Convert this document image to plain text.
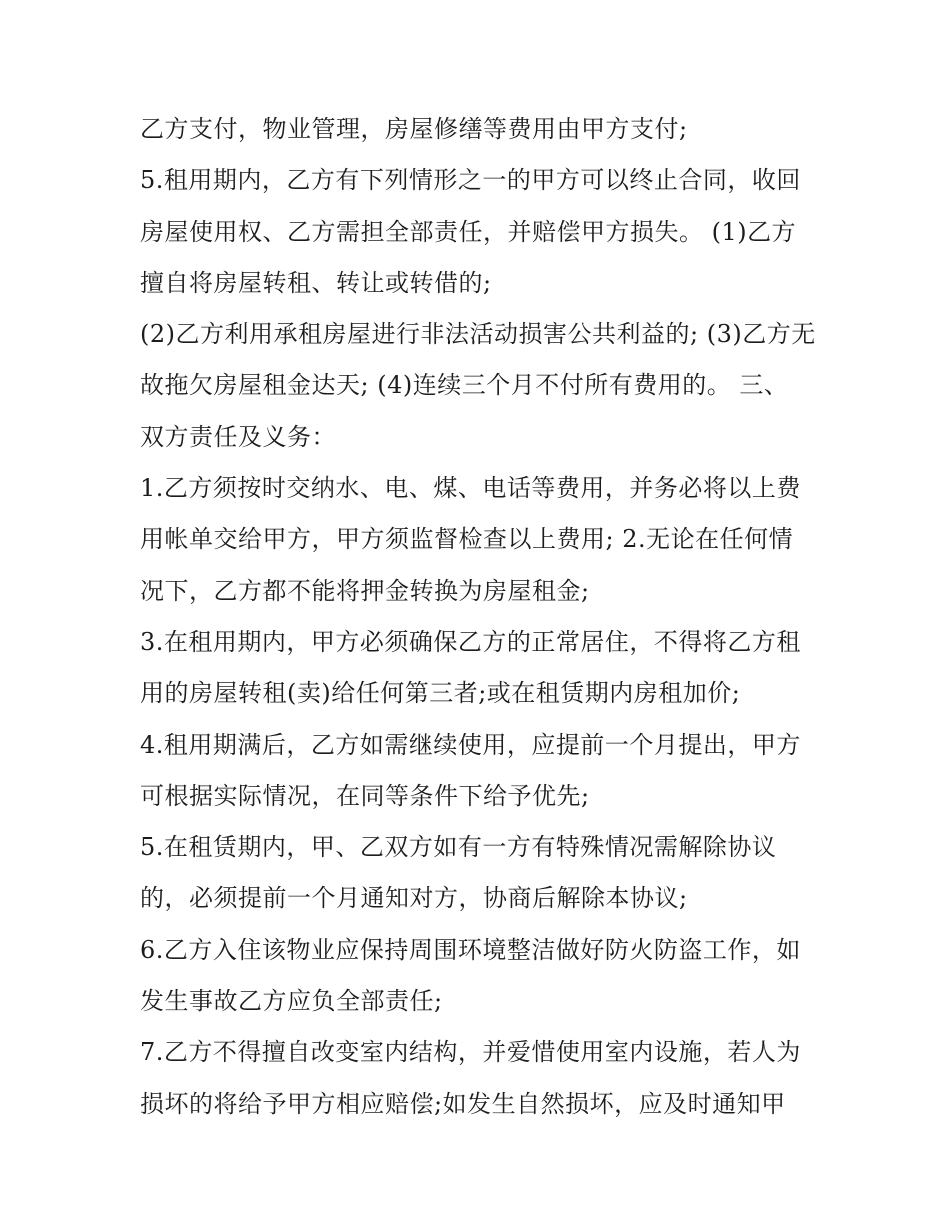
乙方支付，物业管理，房屋修缮等费用由甲方支付;
5.租用期内，乙方有下列情形之一的甲方可以终止合同，收回
房屋使用权、乙方需担全部责任，并赔偿甲方损失。 (1)乙方
擅自将房屋转租、转让或转借的;
(2)乙方利用承租房屋进行非法活动损害公共利益的; (3)乙方无
故拖欠房屋租金达天; (4)连续三个月不付所有费用的。 三、
双方责任及义务：
1.乙方须按时交纳水、电、煤、电话等费用，并务必将以上费
用帐单交给甲方，甲方须监督检查以上费用; 2.无论在任何情
况下，乙方都不能将押金转换为房屋租金;
3.在租用期内，甲方必须确保乙方的正常居住，不得将乙方租
用的房屋转租(卖)给任何第三者;或在租赁期内房租加价;
4.租用期满后，乙方如需继续使用，应提前一个月提出，甲方
可根据实际情况，在同等条件下给予优先;
5.在租赁期内，甲、乙双方如有一方有特殊情况需解除协议
的，必须提前一个月通知对方，协商后解除本协议;
6.乙方入住该物业应保持周围环境整洁做好防火防盗工作，如
发生事故乙方应负全部责任;
7.乙方不得擅自改变室内结构，并爱惜使用室内设施，若人为
损坏的将给予甲方相应赔偿;如发生自然损坏，应及时通知甲
